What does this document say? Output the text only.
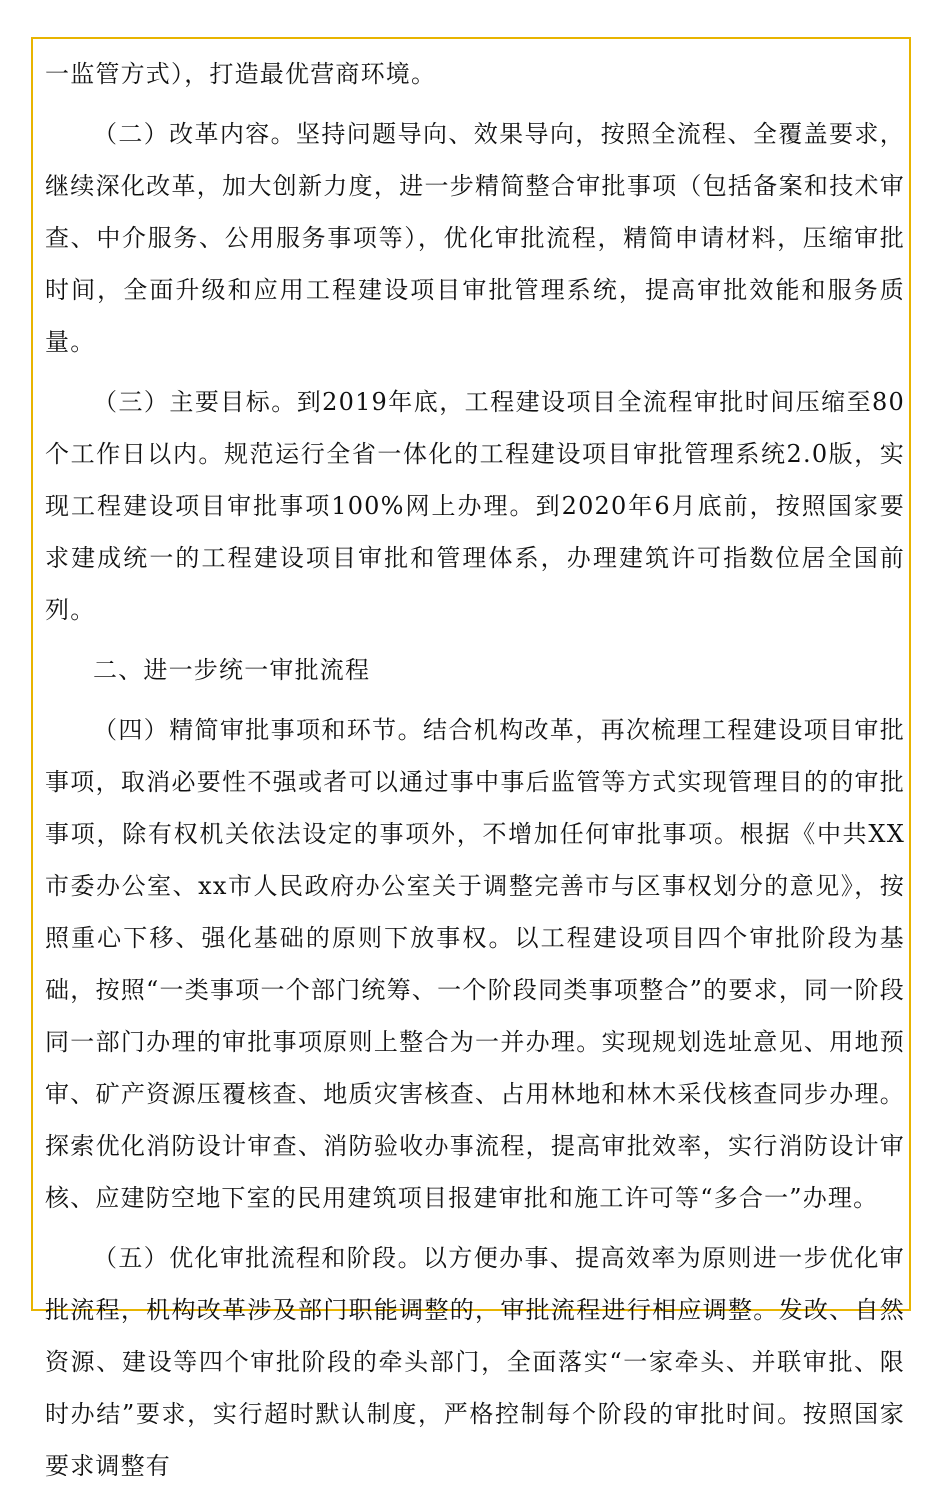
一监管方式），打造最优营商环境。

（二）改革内容。坚持问题导向、效果导向，按照全流程、全覆盖要求，继续深化改革，加大创新力度，进一步精简整合审批事项（包括备案和技术审查、中介服务、公用服务事项等），优化审批流程，精简申请材料，压缩审批时间，全面升级和应用工程建设项目审批管理系统，提高审批效能和服务质量。

（三）主要目标。到2019年底，工程建设项目全流程审批时间压缩至80个工作日以内。规范运行全省一体化的工程建设项目审批管理系统2.0版，实现工程建设项目审批事项100%网上办理。到2020年6月底前，按照国家要求建成统一的工程建设项目审批和管理体系，办理建筑许可指数位居全国前列。

二、进一步统一审批流程

（四）精简审批事项和环节。结合机构改革，再次梳理工程建设项目审批事项，取消必要性不强或者可以通过事中事后监管等方式实现管理目的的审批事项，除有权机关依法设定的事项外，不增加任何审批事项。根据《中共XX市委办公室、xx市人民政府办公室关于调整完善市与区事权划分的意见》，按照重心下移、强化基础的原则下放事权。以工程建设项目四个审批阶段为基础，按照“一类事项一个部门统筹、一个阶段同类事项整合”的要求，同一阶段同一部门办理的审批事项原则上整合为一并办理。实现规划选址意见、用地预审、矿产资源压覆核查、地质灾害核查、占用林地和林木采伐核查同步办理。探索优化消防设计审查、消防验收办事流程，提高审批效率，实行消防设计审核、应建防空地下室的民用建筑项目报建审批和施工许可等“多合一”办理。

（五）优化审批流程和阶段。以方便办事、提高效率为原则进一步优化审批流程，机构改革涉及部门职能调整的，审批流程进行相应调整。发改、自然资源、建设等四个审批阶段的牵头部门，全面落实“一家牵头、并联审批、限时办结”要求，实行超时默认制度，严格控制每个阶段的审批时间。按照国家要求调整有
